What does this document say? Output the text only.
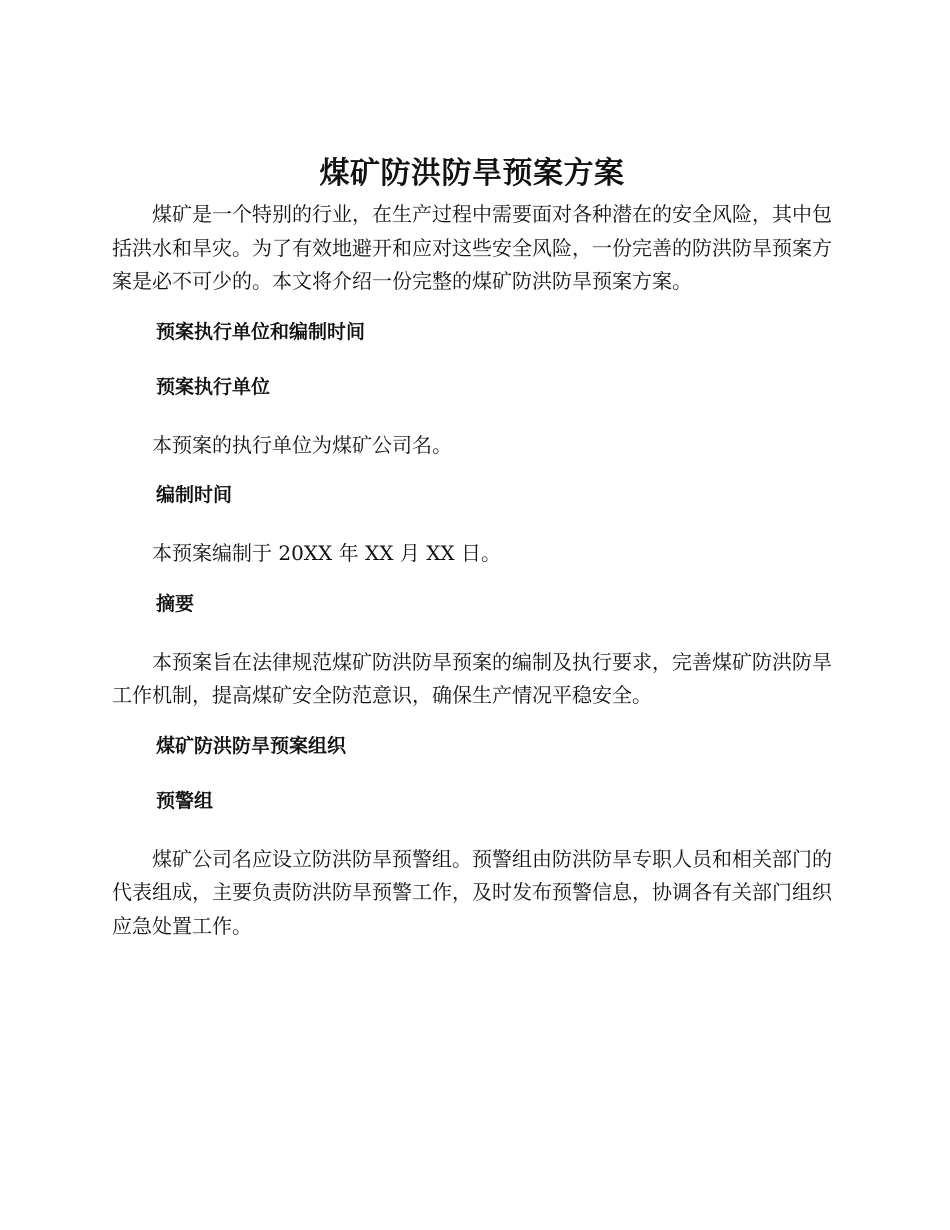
煤矿防洪防旱预案方案

煤矿是一个特别的行业，在生产过程中需要面对各种潜在的安全风险，其中包括洪水和旱灾。为了有效地避开和应对这些安全风险，一份完善的防洪防旱预案方案是必不可少的。本文将介绍一份完整的煤矿防洪防旱预案方案。

预案执行单位和编制时间
预案执行单位

本预案的执行单位为煤矿公司名。

编制时间

本预案编制于 20XX 年 XX 月 XX 日。

摘要

本预案旨在法律规范煤矿防洪防旱预案的编制及执行要求，完善煤矿防洪防旱工作机制，提高煤矿安全防范意识，确保生产情况平稳安全。

煤矿防洪防旱预案组织
预警组

煤矿公司名应设立防洪防旱预警组。预警组由防洪防旱专职人员和相关部门的代表组成，主要负责防洪防旱预警工作，及时发布预警信息，协调各有关部门组织应急处置工作。
